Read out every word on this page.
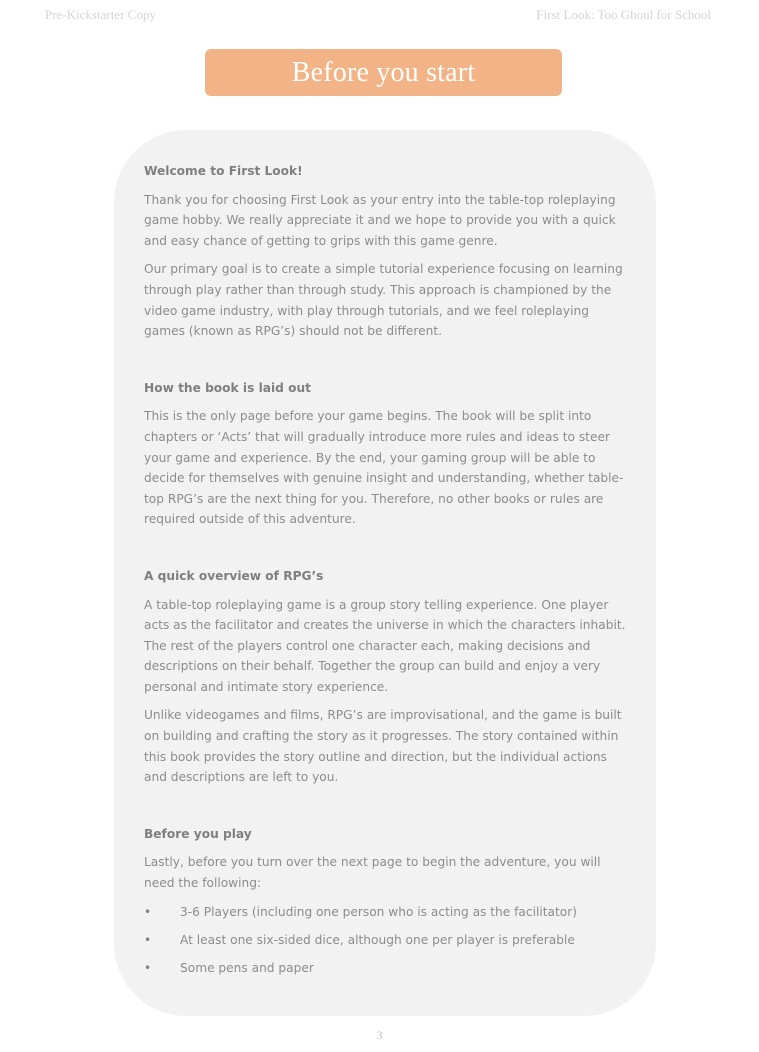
Pre-Kickstarter Copy	First Look: Too Ghoul for School
Before you start
Welcome to First Look!

Thank you for choosing First Look as your entry into the table-top roleplaying game hobby. We really appreciate it and we hope to provide you with a quick and easy chance of getting to grips with this game genre.

Our primary goal is to create a simple tutorial experience focusing on learning through play rather than through study. This approach is championed by the video game industry, with play through tutorials, and we feel roleplaying games (known as RPG’s) should not be different.

How the book is laid out

This is the only page before your game begins. The book will be split into chapters or ‘Acts’ that will gradually introduce more rules and ideas to steer your game and experience. By the end, your gaming group will be able to decide for themselves with genuine insight and understanding, whether table-top RPG’s are the next thing for you. Therefore, no other books or rules are required outside of this adventure.

A quick overview of RPG’s

A table-top roleplaying game is a group story telling experience. One player acts as the facilitator and creates the universe in which the characters inhabit. The rest of the players control one character each, making decisions and descriptions on their behalf. Together the group can build and enjoy a very personal and intimate story experience.

Unlike videogames and films, RPG’s are improvisational, and the game is built on building and crafting the story as it progresses. The story contained within this book provides the story outline and direction, but the individual actions and descriptions are left to you.

Before you play

Lastly, before you turn over the next page to begin the adventure, you will need the following:

• 3-6 Players (including one person who is acting as the facilitator)
• At least one six-sided dice, although one per player is preferable
• Some pens and paper
3
